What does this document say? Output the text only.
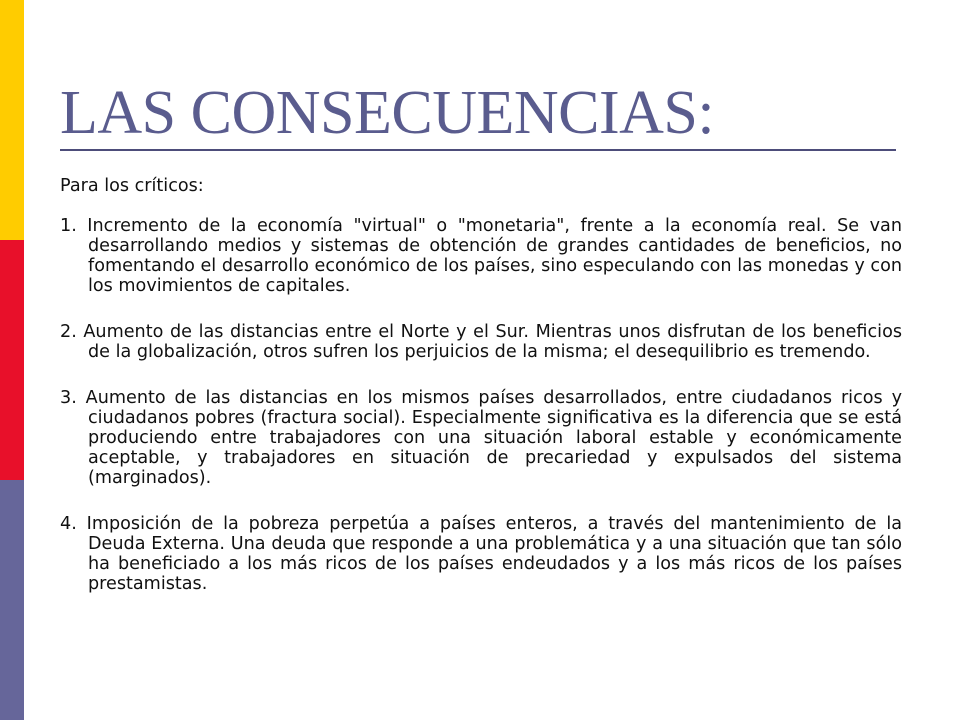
LAS CONSECUENCIAS:

Para los críticos:

1. Incremento de la economía "virtual" o "monetaria", frente a la economía real. Se van desarrollando medios y sistemas de obtención de grandes cantidades de beneficios, no fomentando el desarrollo económico de los países, sino especulando con las monedas y con los movimientos de capitales.

2. Aumento de las distancias entre el Norte y el Sur. Mientras unos disfrutan de los beneficios de la globalización, otros sufren los perjuicios de la misma; el desequilibrio es tremendo.

3. Aumento de las distancias en los mismos países desarrollados, entre ciudadanos ricos y ciudadanos pobres (fractura social). Especialmente significativa es la diferencia que se está produciendo entre trabajadores con una situación laboral estable y económicamente aceptable, y trabajadores en situación de precariedad y expulsados del sistema (marginados).

4. Imposición de la pobreza perpetúa a países enteros, a través del mantenimiento de la Deuda Externa. Una deuda que responde a una problemática y a una situación que tan sólo ha beneficiado a los más ricos de los países endeudados y a los más ricos de los países prestamistas.
